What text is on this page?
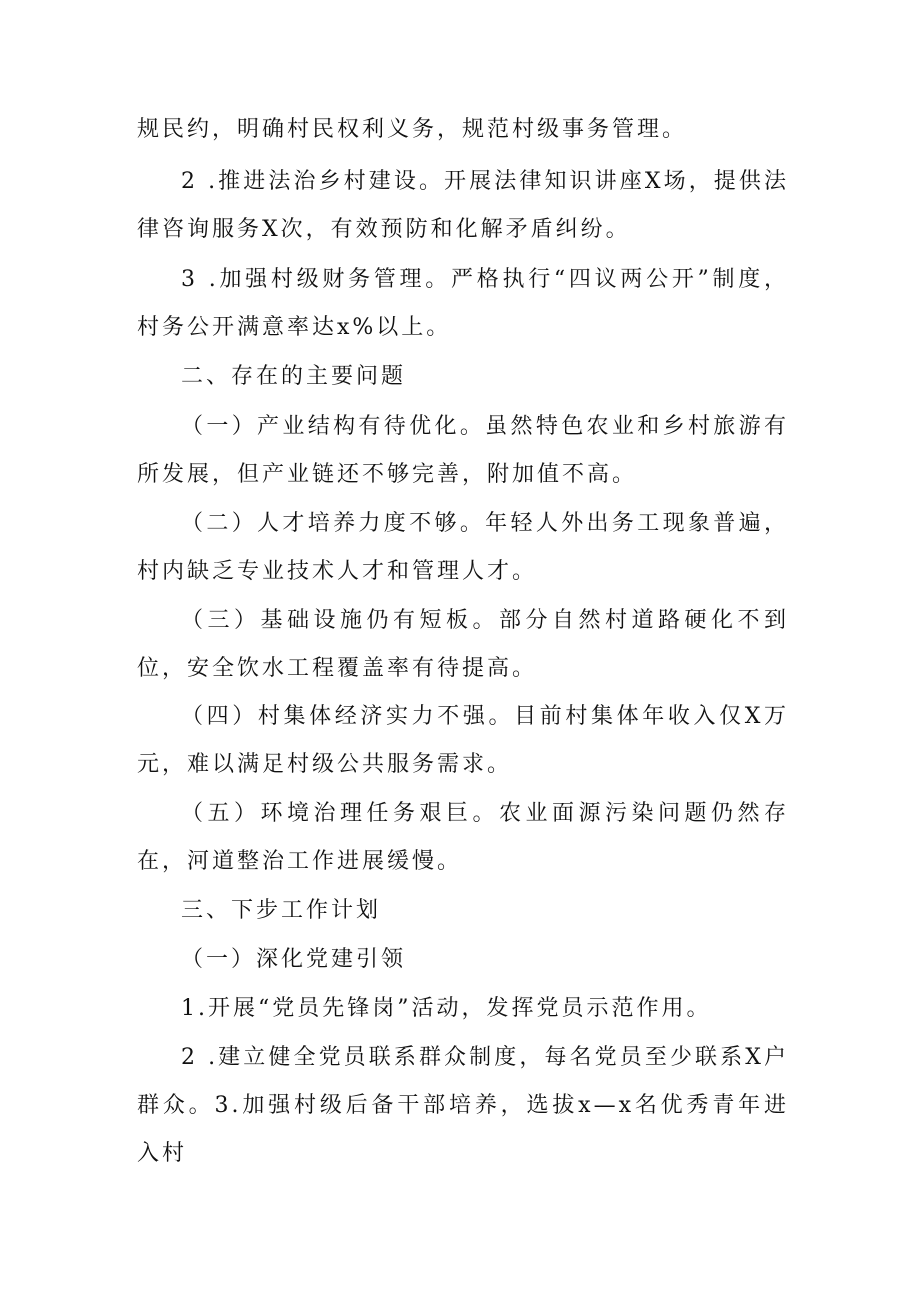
规民约，明确村民权利义务，规范村级事务管理。

2 .推进法治乡村建设。开展法律知识讲座X场，提供法律咨询服务X次，有效预防和化解矛盾纠纷。

3 .加强村级财务管理。严格执行“四议两公开”制度，村务公开满意率达x%以上。

二、存在的主要问题

（一）产业结构有待优化。虽然特色农业和乡村旅游有所发展，但产业链还不够完善，附加值不高。

（二）人才培养力度不够。年轻人外出务工现象普遍，村内缺乏专业技术人才和管理人才。

（三）基础设施仍有短板。部分自然村道路硬化不到位，安全饮水工程覆盖率有待提高。

（四）村集体经济实力不强。目前村集体年收入仅X万元，难以满足村级公共服务需求。

（五）环境治理任务艰巨。农业面源污染问题仍然存在，河道整治工作进展缓慢。

三、下步工作计划

（一）深化党建引领

1.开展“党员先锋岗”活动，发挥党员示范作用。

2 .建立健全党员联系群众制度，每名党员至少联系X户群众。3.加强村级后备干部培养，选拔x—x名优秀青年进入村
